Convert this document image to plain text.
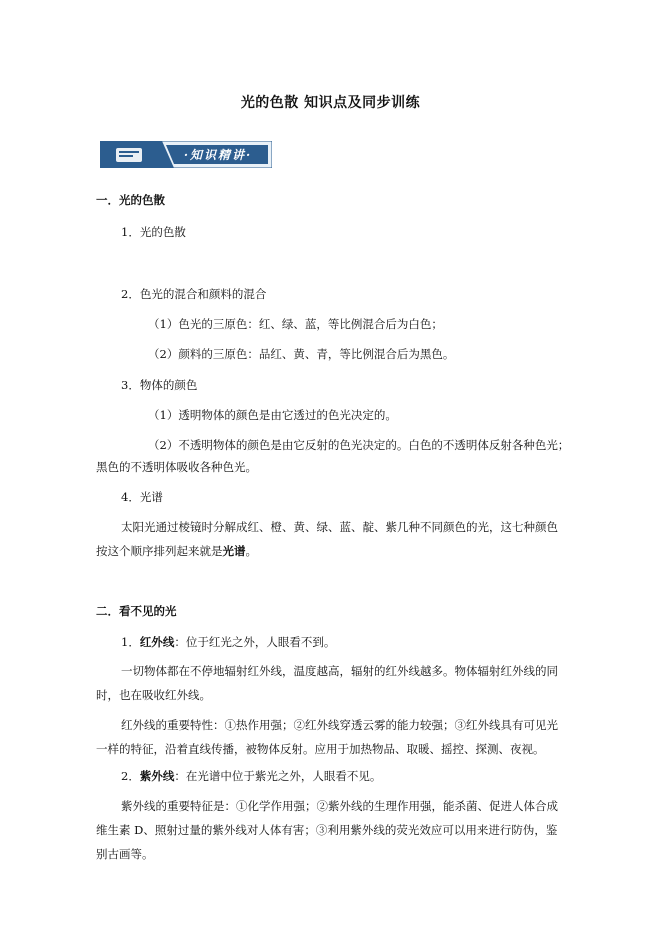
光的色散 知识点及同步训练
·知识精讲·
一．光的色散
1．光的色散
2．色光的混合和颜料的混合
（1）色光的三原色：红、绿、蓝，等比例混合后为白色；
（2）颜料的三原色：品红、黄、青，等比例混合后为黑色。
3．物体的颜色
（1）透明物体的颜色是由它透过的色光决定的。
（2）不透明物体的颜色是由它反射的色光决定的。白色的不透明体反射各种色光；
黑色的不透明体吸收各种色光。
4．光谱
太阳光通过棱镜时分解成红、橙、黄、绿、蓝、靛、紫几种不同颜色的光，这七种颜色按这个顺序排列起来就是光谱。
二．看不见的光
1．红外线：位于红光之外，人眼看不到。
一切物体都在不停地辐射红外线，温度越高，辐射的红外线越多。物体辐射红外线的同时，也在吸收红外线。
红外线的重要特性：①热作用强；②红外线穿透云雾的能力较强；③红外线具有可见光一样的特征，沿着直线传播，被物体反射。应用于加热物品、取暖、摇控、探测、夜视。
2．紫外线：在光谱中位于紫光之外，人眼看不见。
紫外线的重要特征是：①化学作用强；②紫外线的生理作用强，能杀菌、促进人体合成维生素 D、照射过量的紫外线对人体有害；③利用紫外线的荧光效应可以用来进行防伪，鉴别古画等。
